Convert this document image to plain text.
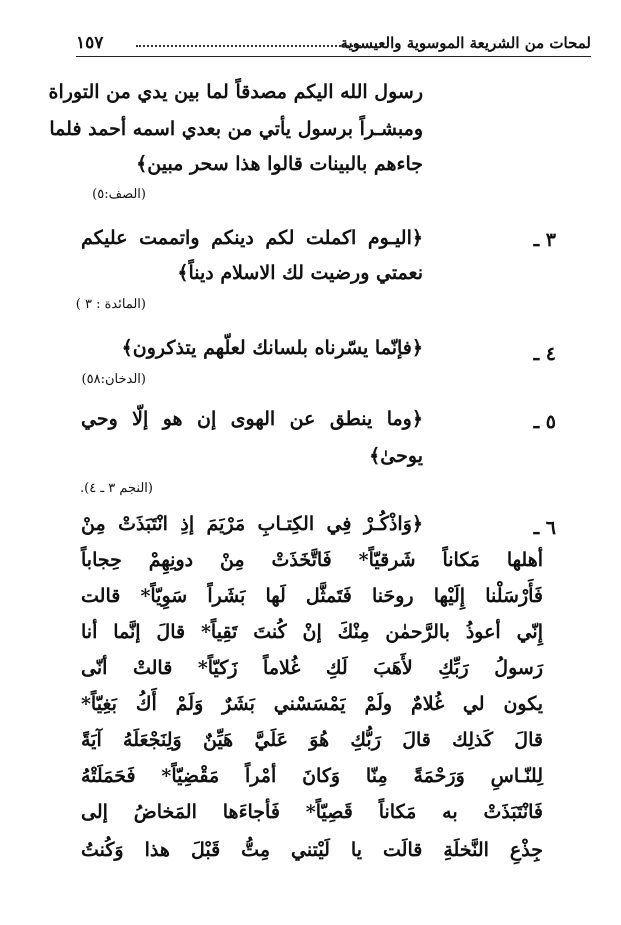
لمحات من الشريعة الموسوية والعيسوية
١٥٧
رسول الله اليكم مصدقاً لما بين يدي من التوراة
ومبشـراً برسول يأتي من بعدي اسمه أحمد فلما
جاءهم بالبينات قالوا هذا سحر مبين﴾
(الصف:٥)
٣ ـ
﴿اليـوم اكملت لكم دينكم واتممت عليكم
نعمتي ورضيت لك الاسلام ديناً﴾
(المائدة : ٣ )
٤ ـ
﴿فإنّما يسّرناه بلسانك لعلّهم يتذكرون﴾
(الدخان:٥٨)
٥ ـ
﴿وما ينطق عن الهوى إن هو إلّا وحي
يوحىٰ﴾
(النجم ٣ ـ ٤).
٦ ـ
﴿وَاذْكُـرْ فِي الكِتـابِ مَرْيَمَ إذِ انْتَبَذَتْ مِنْ
أهلها مَكاناً شَرقيّاً* فَاتَّخَذَتْ مِنْ دونِهِمْ حِجاباً
فَأَرْسَلْنا إِلَيْها روحَنا فَتَمثَّل لَها بَشَراً سَوِيّاً* قالت
إِنّي أعوذُ بالرَّحمٰن مِنْكَ إنْ كُنتَ تَقِياً* قالَ إنَّما أنا
رَسولُ رَبِّكِ لأَهَبَ لَكِ غُلاماً زَكيّاً* قالتْ أنّى
يكون لي غُلامٌ ولَمْ يَمْسَسْني بَشَرٌ وَلَمْ أَكُ بَغِيّاً*
قالَ كَذلِك قالَ رَبُّكِ هُوَ عَلَيَّ هَيِّنٌ وَلِنَجْعَلَهُ آيَةً
لِلنّـاسِ وَرَحْمَةً مِنّا وَكانَ أمْراً مَقْضِيّاً* فَحَمَلَتْهُ
فَانْتَبَذَتْ به مَكاناً قَصِيّاً* فَأجاءَها المَخاضُ إلى
جِذْعِ النَّخلَةِ قالَت يا لَيْتني مِتُّ قَبْلَ هذا وَكُنتُ
